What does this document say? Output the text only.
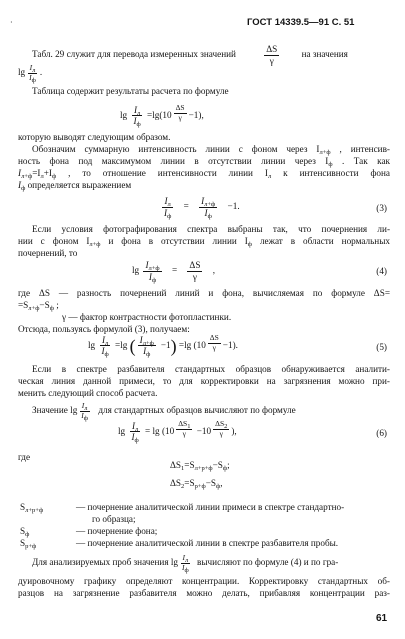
·	ГОСТ 14339.5—91 С. 51
Табл. 29 служит для перевода измеренных значений	$\frac{\Delta S}{\gamma}$ на значения
$\lg \frac{I_л}{I_ф}$ .
Таблица содержит результаты расчета по формуле
$\lg \frac{I_л}{I_ф} =\lg(10 \frac{\Delta S}{\gamma} -1)$,
которую выводят следующим образом.
Обозначим суммарную интенсивность линии с фоном через $I_{л+ф}$ , интенсив-
ность фона под максимумом линии в отсутствии линии через $I_ф$ . Так как
$I_{л+ф}=I_л+I_ф$ , то отношение интенсивности линии $I_л$ к интенсивности фона
$I_ф$ определяется выражением
$\frac{I_л}{I_ф} = \frac{I_{л+ф}}{I_ф} -1$.	(3)
Если условия фотографирования спектра выбраны так, что почернения ли-
нии с фоном $I_{л+ф}$ и фона в отсутствии линии $I_ф$ лежат в области нормальных
почернений, то
$\lg \frac{I_{л+ф}}{I_ф} = \frac{\Delta S}{\gamma}$ ,	(4)
где ΔS — разность почернений линий и фона, вычисляемая по формуле ΔS=
$=S_{л+ф}-S_ф$ ;
γ — фактор контрастности фотопластинки.
Отсюда, пользуясь формулой (3), получаем:
$\lg \frac{I_л}{I_ф} =\lg$ ( $\frac{I_{л+ф}}{I_ф} -1) =\lg$ $(10 \frac{\Delta S}{\gamma} -1)$.	(5)
Если в спектре разбавителя стандартных образцов обнаруживается аналити-
ческая линия данной примеси, то для корректировки на загрязнения можно при-
менить следующий способ расчета.
Значение $\lg \frac{I_л}{I_ф}$ для стандартных образцов вычисляют по формуле
$\lg \frac{I_л}{I_ф} = \lg (10 \frac{\Delta S_1}{\gamma} -10 \frac{\Delta S_2}{\gamma}$ ),	(6)
где
$\Delta S_1=S_{л+р+ф}-S_ф$;
$\Delta S_2=S_{р+ф}-S_ф$,
$S_{л+р+ф}$	— почернение аналитической линии примеси в спектре стандартно-
го образца;
$S_ф$	— почернение фона;
$S_{р+ф}$	— почернение аналитической линии в спектре разбавителя пробы.
Для анализируемых проб значения $\lg \frac{I_л}{I_ф}$ вычисляют по формуле (4) и по гра-
дуировочному графику определяют концентрации. Корректировку стандартных об-
разцов на загрязнение разбавителя можно делать, прибавляя концентрации раз-
61
